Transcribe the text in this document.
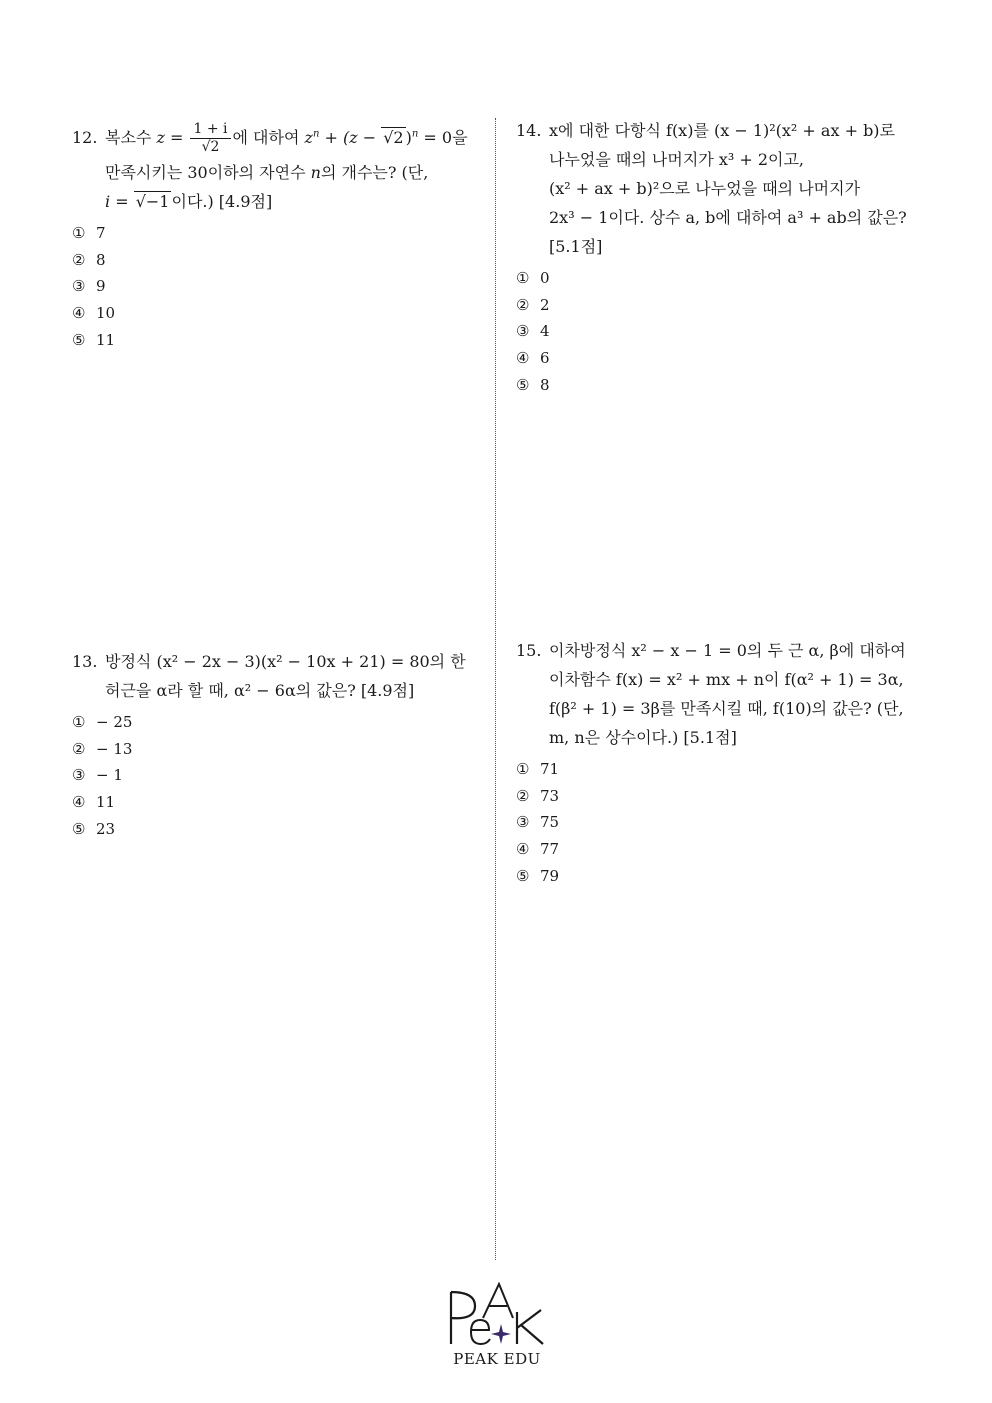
12. 복소수 $z = \frac{1 + i}{√2}$ 에 대하여 $z^n + (z - √2$ )$^n$ = 0을
만족시키는 30이하의 자연수 n의 개수는? (단,
i = √−1 이다.) [4.9점]
① 7
② 8
③ 9
④ 10
⑤ 11
13. 방정식 (x² − 2x − 3)(x² − 10x + 21) = 80의 한
허근을 α라 할 때, α² − 6α의 값은? [4.9점]
① − 25
② − 13
③ − 1
④ 11
⑤ 23
14. x에 대한 다항식 f(x)를 (x − 1)²(x² + ax + b)로
나누었을 때의 나머지가 x³ + 2이고,
(x² + ax + b)²으로 나누었을 때의 나머지가
2x³ − 1이다. 상수 a, b에 대하여 a³ + ab의 값은?
[5.1점]
① 0
② 2
③ 4
④ 6
⑤ 8
15. 이차방정식 x² − x − 1 = 0의 두 근 α, β에 대하여
이차함수 f(x) = x² + mx + n이 f(α² + 1) = 3α,
f(β² + 1) = 3β를 만족시킬 때, f(10)의 값은? (단,
m, n은 상수이다.) [5.1점]
① 71
② 73
③ 75
④ 77
⑤ 79
PEAK EDU
